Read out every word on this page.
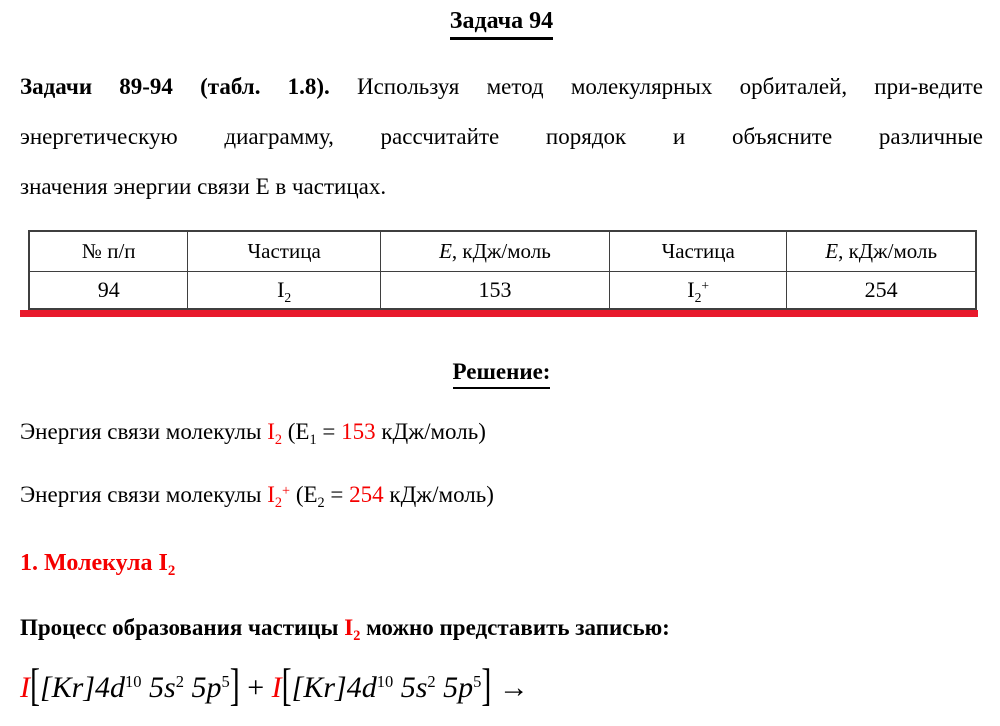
Задача 94
Задачи 89-94 (табл. 1.8). Используя метод молекулярных орбиталей, при-ведите
энергетическую диаграмму, рассчитайте порядок и объясните различные
значения энергии связи Е в частицах.
№ п/п	Частица	E, кДж/моль	Частица	E, кДж/моль
94	$I_2$	153	$I_2^+$	254
Решение:
Энергия связи молекулы $I_2$ ($Е_1 = 153$ кДж/моль)
Энергия связи молекулы $I_2^+$ ($Е_2 = 254$ кДж/моль)
1. Молекула $I_2$
Процесс образования частицы $I_2$ можно представить записью:
$I[[Kr]4d^{10}$ $5s^2$ $5p^5] + I[[Kr]4d^{10}$ $5s^2$ $5p^5$] →
